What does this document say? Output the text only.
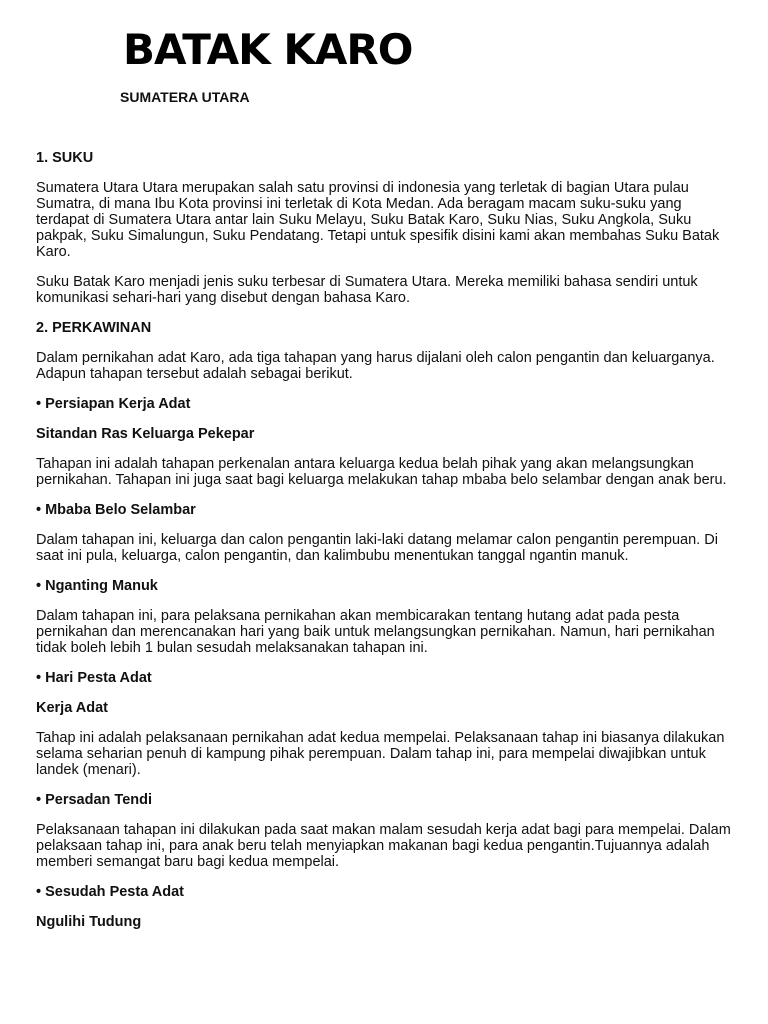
BATAK KARO
SUMATERA UTARA
1. SUKU
Sumatera Utara Utara merupakan salah satu provinsi di indonesia yang terletak di bagian Utara pulau Sumatra, di mana Ibu Kota provinsi ini terletak di Kota Medan. Ada beragam macam suku-suku yang terdapat di Sumatera Utara antar lain Suku Melayu, Suku Batak Karo, Suku Nias, Suku Angkola, Suku pakpak, Suku Simalungun, Suku Pendatang. Tetapi untuk spesifik disini kami akan membahas Suku Batak Karo.
Suku Batak Karo menjadi jenis suku terbesar di Sumatera Utara. Mereka memiliki bahasa sendiri untuk komunikasi sehari-hari yang disebut dengan bahasa Karo.
2. PERKAWINAN
Dalam pernikahan adat Karo, ada tiga tahapan yang harus dijalani oleh calon pengantin dan keluarganya. Adapun tahapan tersebut adalah sebagai berikut.
• Persiapan Kerja Adat
Sitandan Ras Keluarga Pekepar
Tahapan ini adalah tahapan perkenalan antara keluarga kedua belah pihak yang akan melangsungkan pernikahan. Tahapan ini juga saat bagi keluarga melakukan tahap mbaba belo selambar dengan anak beru.
• Mbaba Belo Selambar
Dalam tahapan ini, keluarga dan calon pengantin laki-laki datang melamar calon pengantin perempuan. Di saat ini pula, keluarga, calon pengantin, dan kalimbubu menentukan tanggal ngantin manuk.
• Nganting Manuk
Dalam tahapan ini, para pelaksana pernikahan akan membicarakan tentang hutang adat pada pesta pernikahan dan merencanakan hari yang baik untuk melangsungkan pernikahan. Namun, hari pernikahan tidak boleh lebih 1 bulan sesudah melaksanakan tahapan ini.
• Hari Pesta Adat
Kerja Adat
Tahap ini adalah pelaksanaan pernikahan adat kedua mempelai. Pelaksanaan tahap ini biasanya dilakukan selama seharian penuh di kampung pihak perempuan. Dalam tahap ini, para mempelai diwajibkan untuk landek (menari).
• Persadan Tendi
Pelaksanaan tahapan ini dilakukan pada saat makan malam sesudah kerja adat bagi para mempelai. Dalam pelaksaan tahap ini, para anak beru telah menyiapkan makanan bagi kedua pengantin.Tujuannya adalah memberi semangat baru bagi kedua mempelai.
• Sesudah Pesta Adat
Ngulihi Tudung
